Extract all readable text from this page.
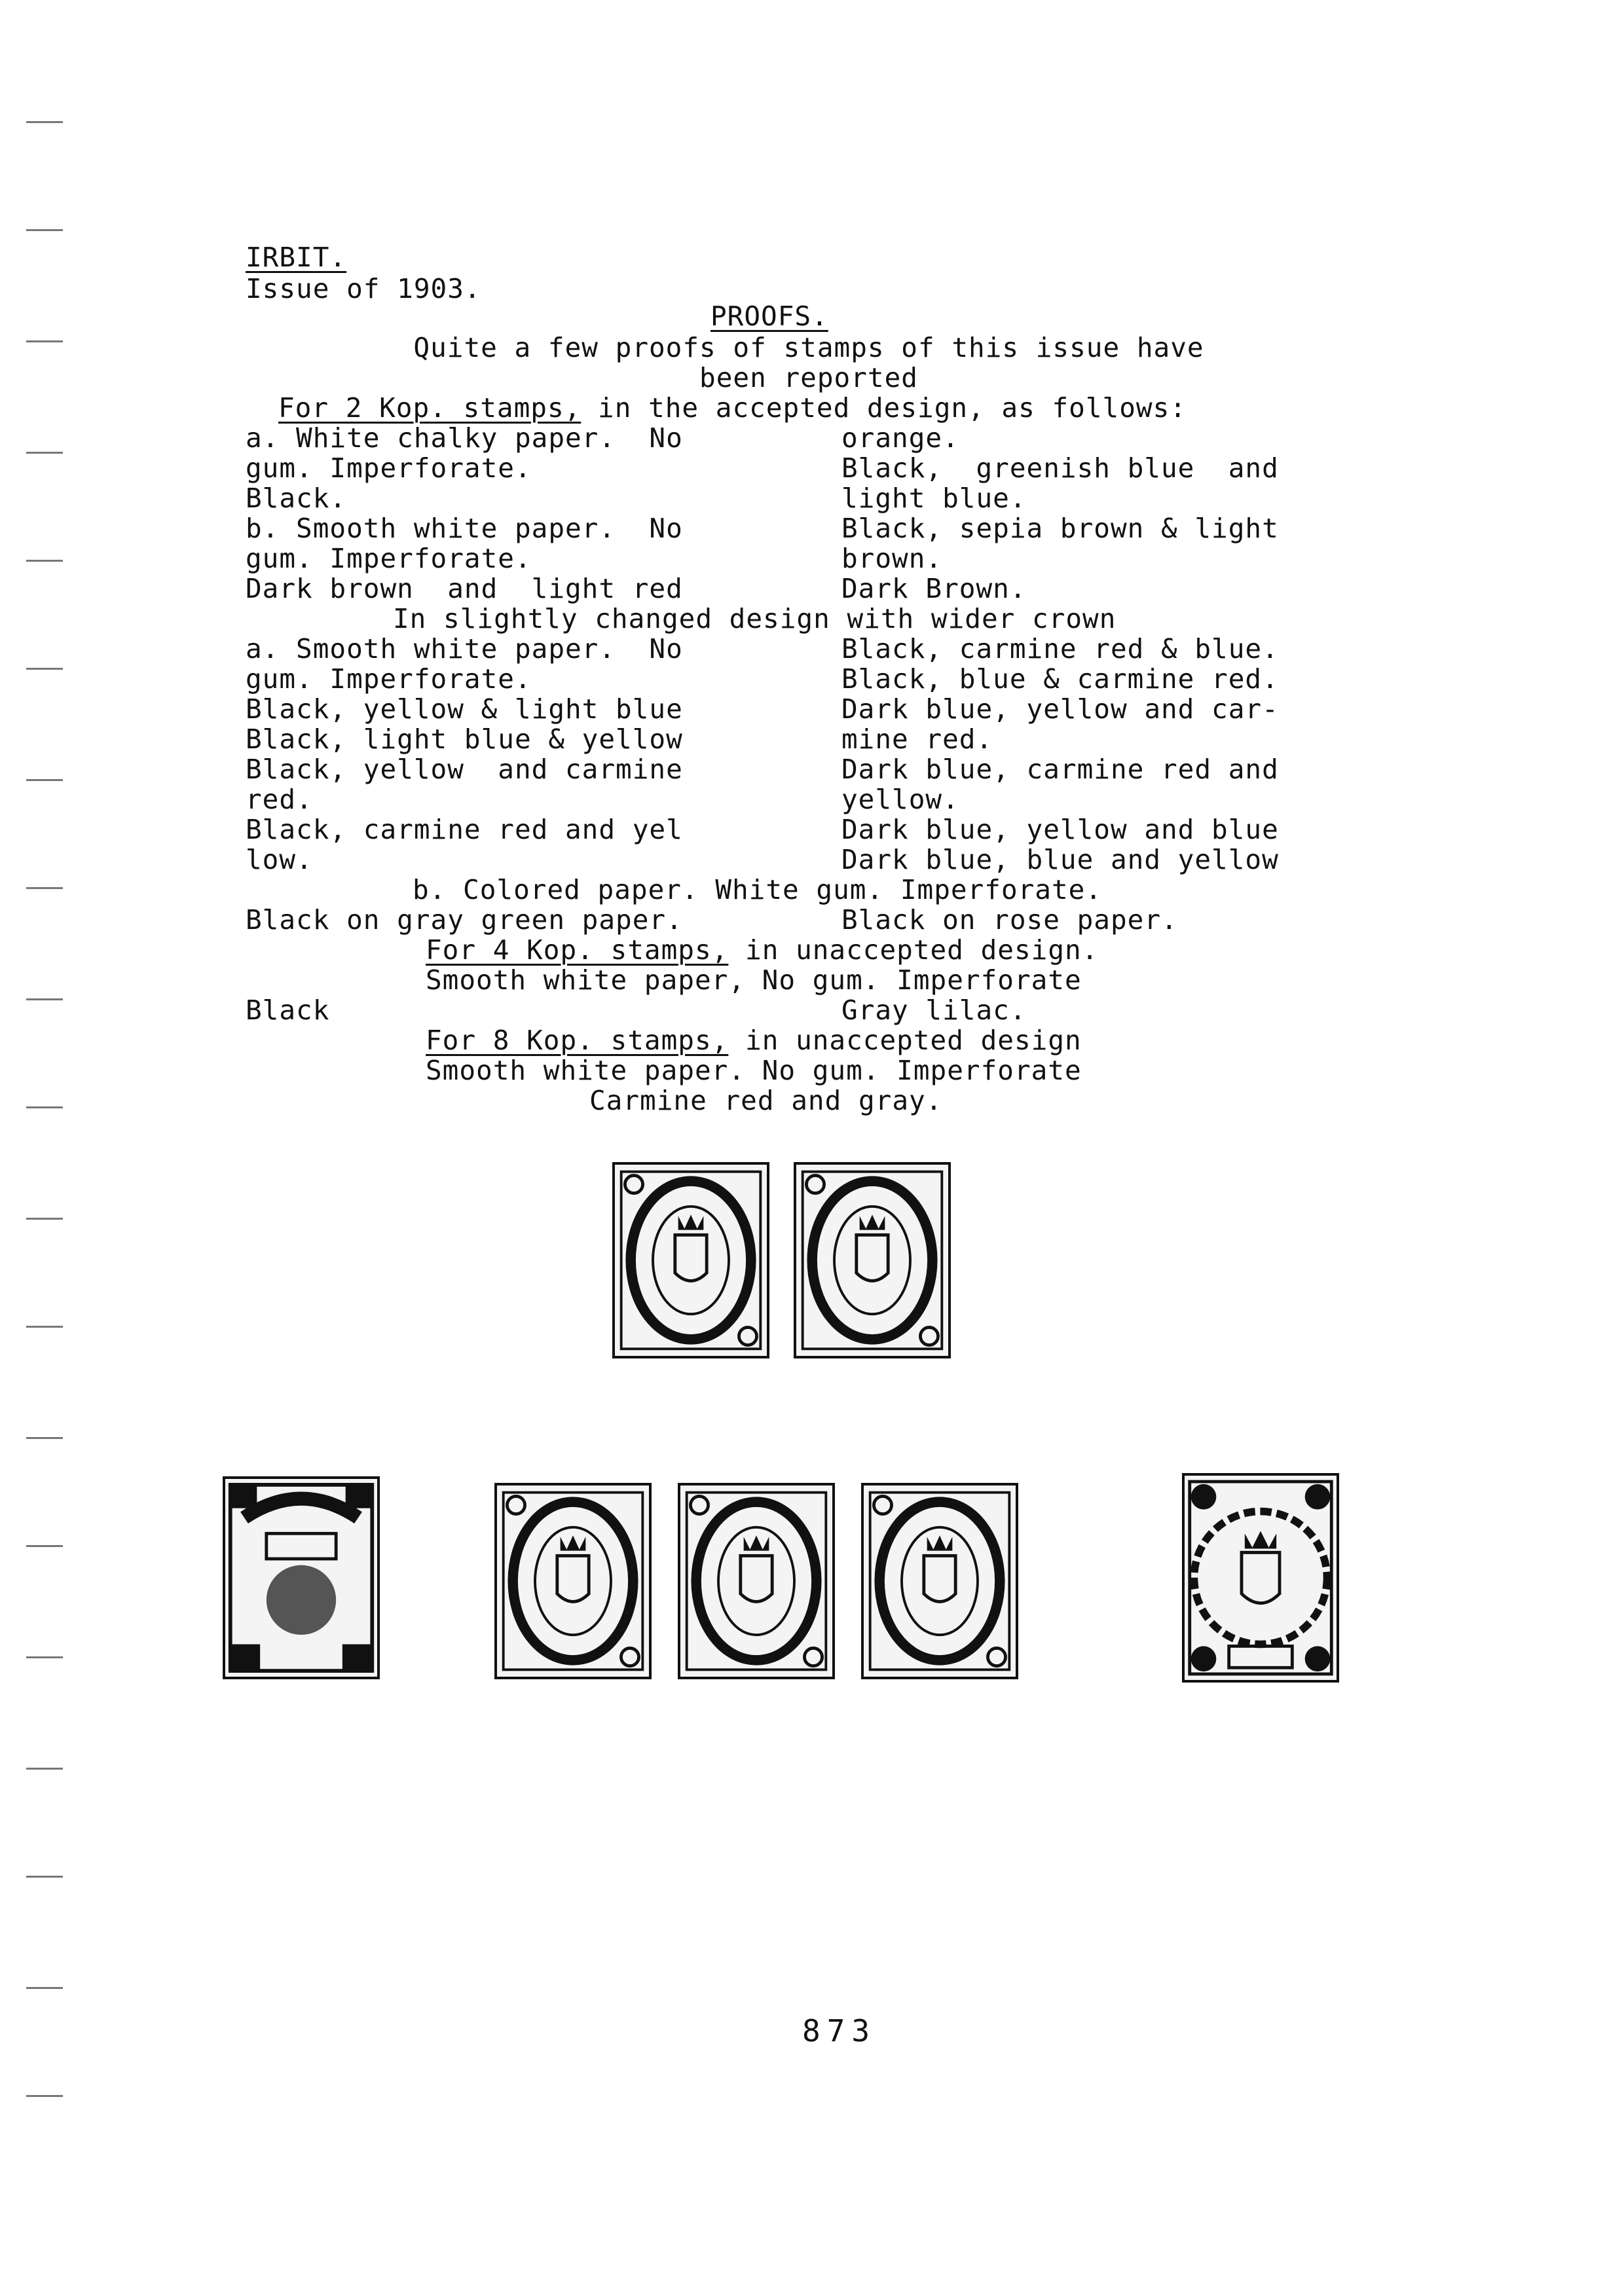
IRBIT.
Issue of 1903.
PROOFS.
Quite a few proofs of stamps of this issue have
been reported
For 2 Kop. stamps, in the accepted design, as follows:
a. White chalky paper.  No
gum. Imperforate.
Black.
b. Smooth white paper.  No
gum. Imperforate.
Dark brown  and  light red
orange.
Black,  greenish blue  and
light blue.
Black, sepia brown & light
brown.
Dark Brown.
In slightly changed design with wider crown
a. Smooth white paper.  No
gum. Imperforate.
Black, yellow & light blue
Black, light blue & yellow
Black, yellow  and carmine
red.
Black, carmine red and yel
low.
Black, carmine red & blue.
Black, blue & carmine red.
Dark blue, yellow and car-
mine red.
Dark blue, carmine red and
yellow.
Dark blue, yellow and blue
Dark blue, blue and yellow
b. Colored paper. White gum. Imperforate.
Black on gray green paper.	Black on rose paper.
For 4 Kop. stamps, in unaccepted design.
Smooth white paper, No gum. Imperforate
Black	Gray lilac.
For 8 Kop. stamps, in unaccepted design
Smooth white paper. No gum. Imperforate
Carmine red and gray.
873
